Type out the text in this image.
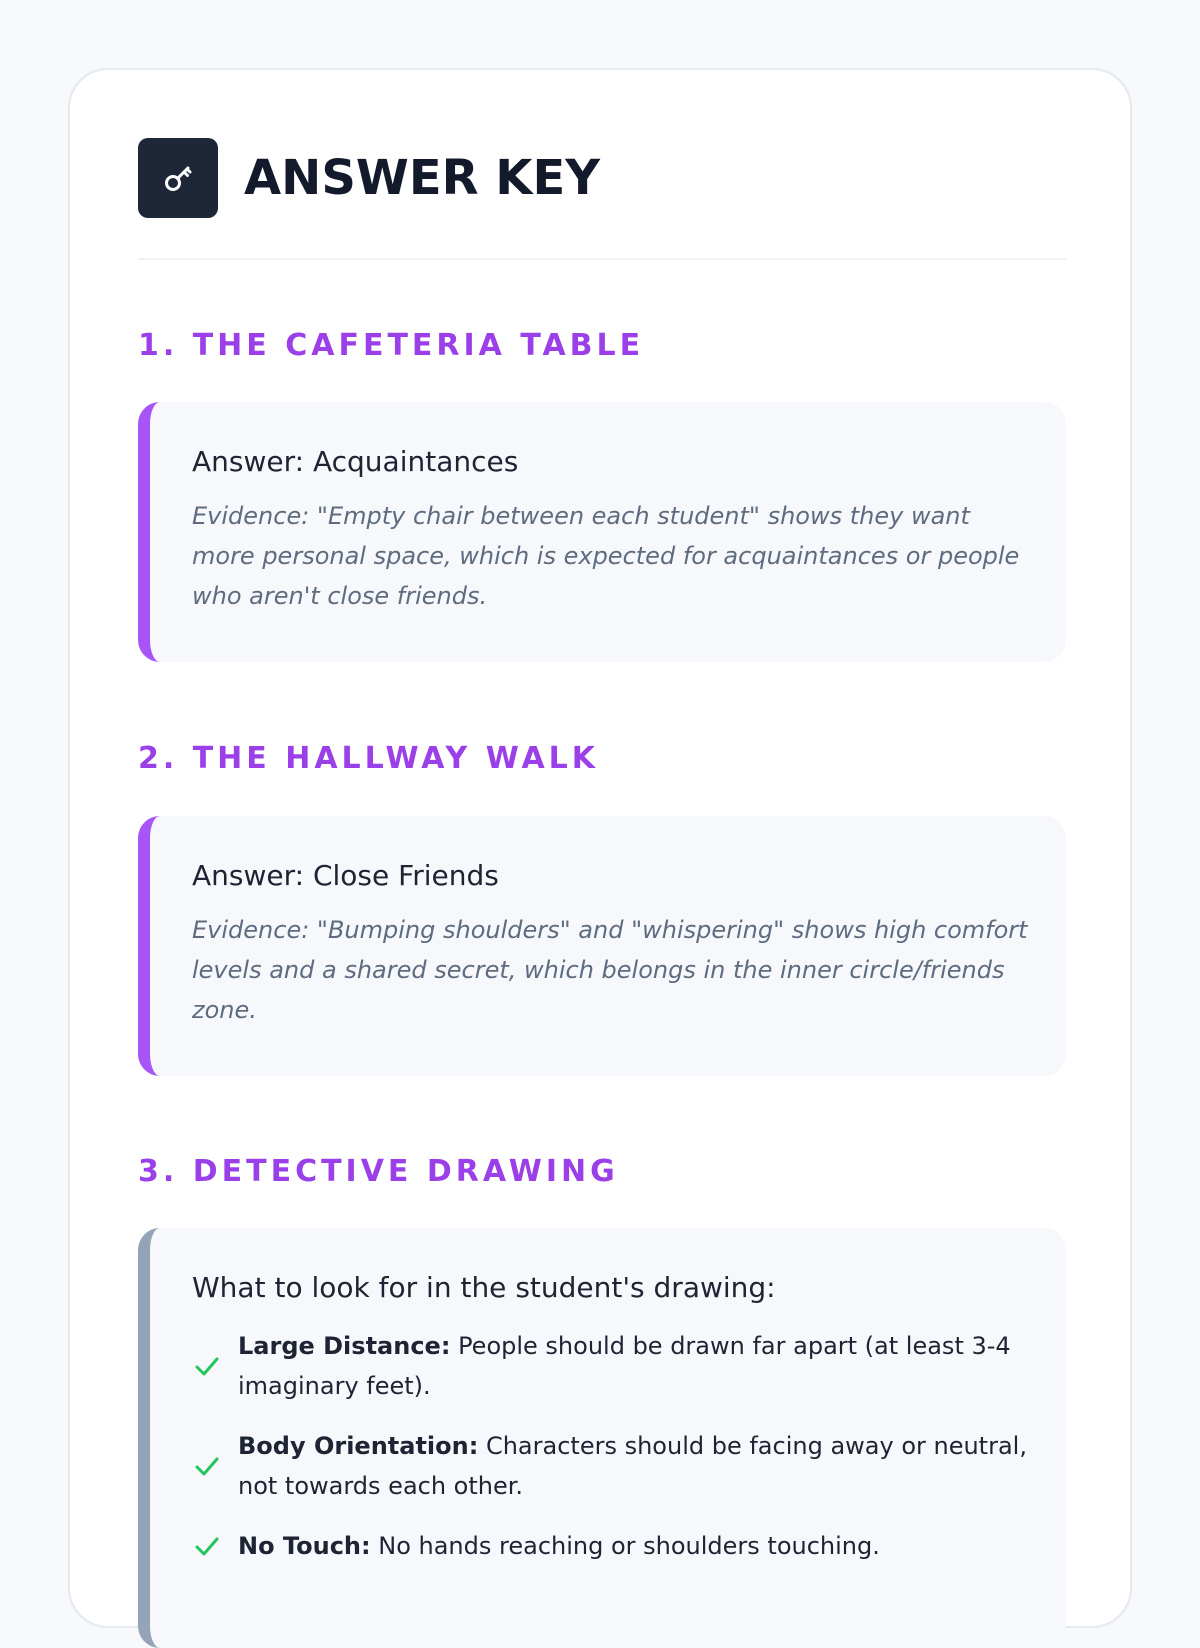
ANSWER KEY
1. THE CAFETERIA TABLE
Answer: Acquaintances
Evidence: "Empty chair between each student" shows they want more personal space, which is expected for acquaintances or people who aren't close friends.
2. THE HALLWAY WALK
Answer: Close Friends
Evidence: "Bumping shoulders" and "whispering" shows high comfort levels and a shared secret, which belongs in the inner circle/friends zone.
3. DETECTIVE DRAWING
What to look for in the student's drawing:
Large Distance: People should be drawn far apart (at least 3-4 imaginary feet).
Body Orientation: Characters should be facing away or neutral, not towards each other.
No Touch: No hands reaching or shoulders touching.
